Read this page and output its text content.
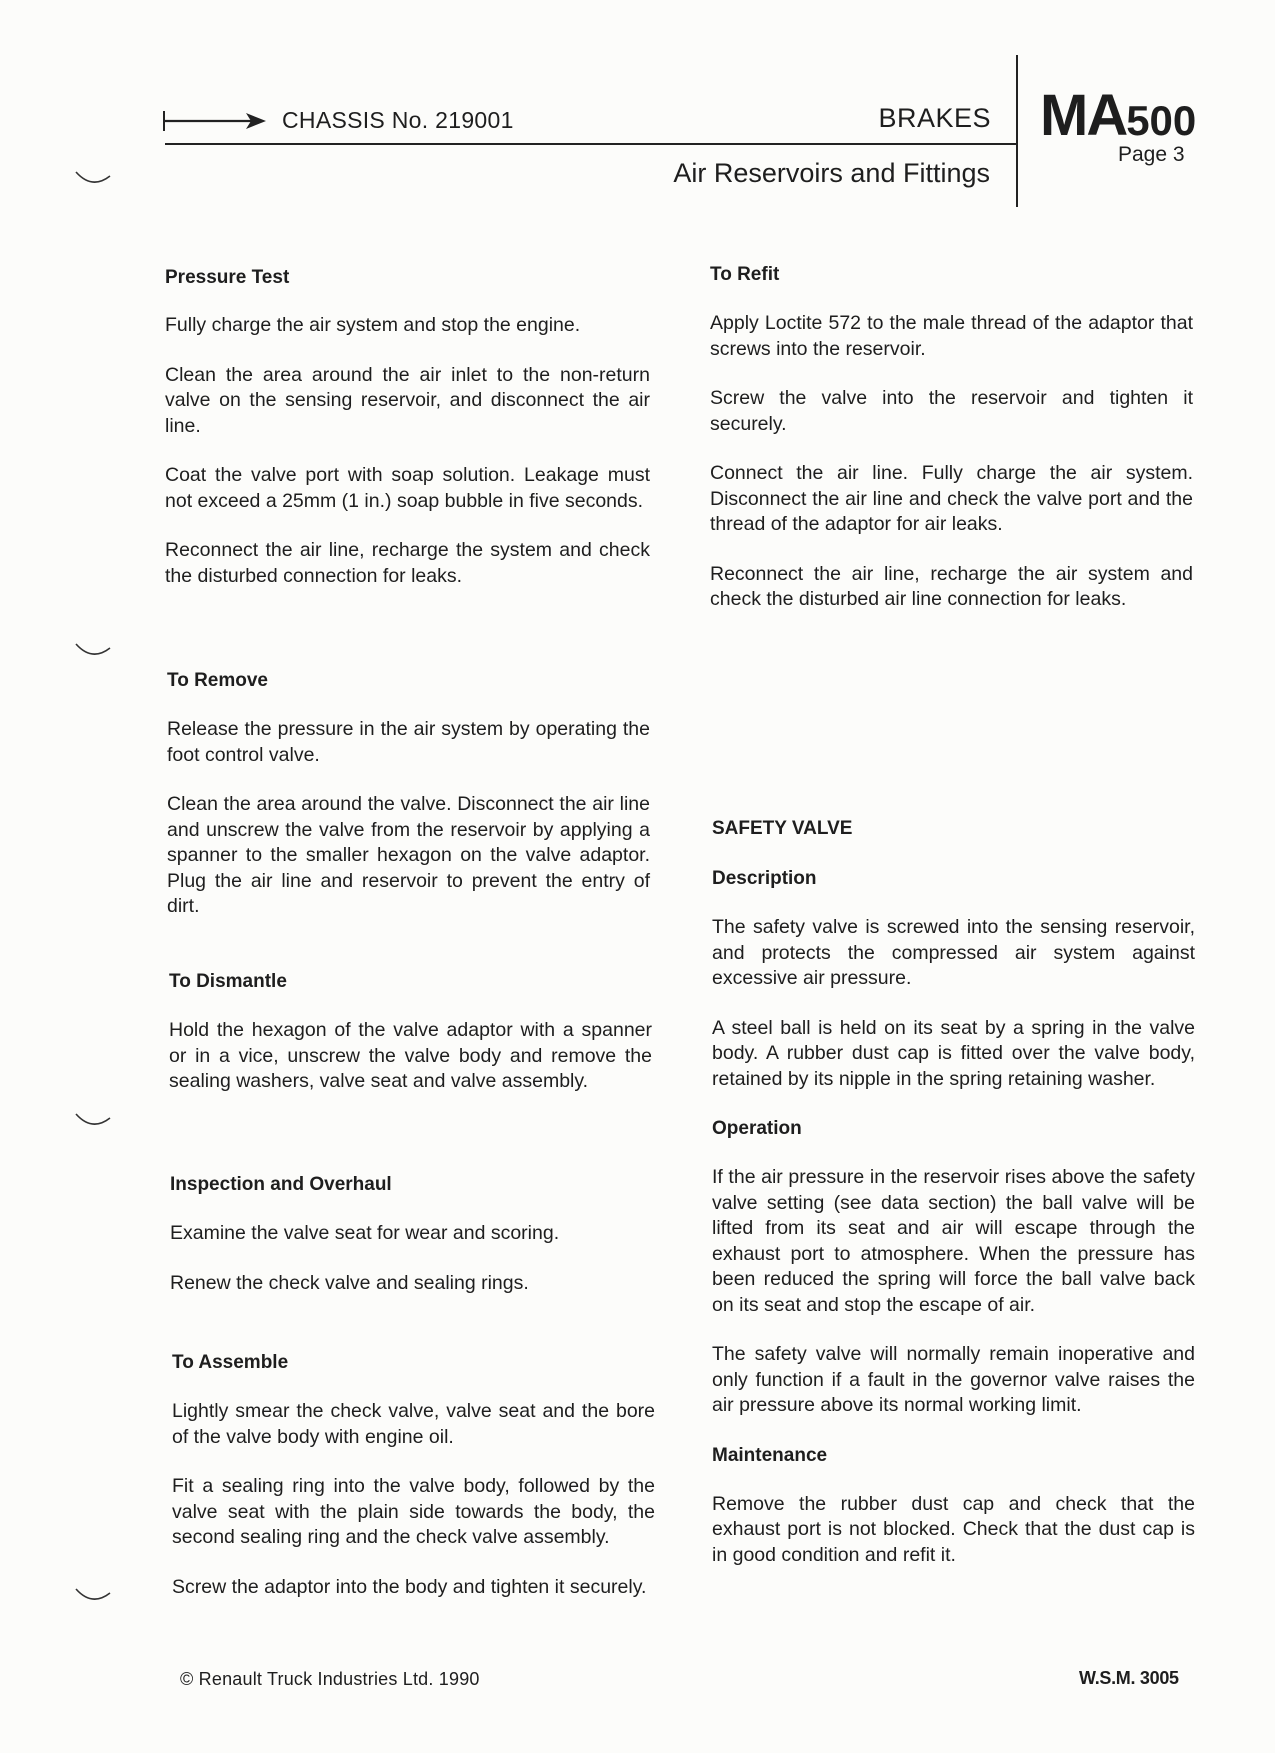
CHASSIS No. 219001	BRAKES
Air Reservoirs and Fittings
MA500
Page 3
Pressure Test

Fully charge the air system and stop the engine.

Clean the area around the air inlet to the non-return valve on the sensing reservoir, and disconnect the air line.

Coat the valve port with soap solution. Leakage must not exceed a 25mm (1 in.) soap bubble in five seconds.

Reconnect the air line, recharge the system and check the disturbed connection for leaks.

To Remove

Release the pressure in the air system by operating the foot control valve.

Clean the area around the valve. Disconnect the air line and unscrew the valve from the reservoir by applying a spanner to the smaller hexagon on the valve adaptor. Plug the air line and reservoir to prevent the entry of dirt.

To Dismantle

Hold the hexagon of the valve adaptor with a spanner or in a vice, unscrew the valve body and remove the sealing washers, valve seat and valve assembly.

Inspection and Overhaul

Examine the valve seat for wear and scoring.

Renew the check valve and sealing rings.

To Assemble

Lightly smear the check valve, valve seat and the bore of the valve body with engine oil.

Fit a sealing ring into the valve body, followed by the valve seat with the plain side towards the body, the second sealing ring and the check valve assembly.

Screw the adaptor into the body and tighten it securely.

To Refit

Apply Loctite 572 to the male thread of the adaptor that screws into the reservoir.

Screw the valve into the reservoir and tighten it securely.

Connect the air line. Fully charge the air system. Disconnect the air line and check the valve port and the thread of the adaptor for air leaks.

Reconnect the air line, recharge the air system and check the disturbed air line connection for leaks.

SAFETY VALVE
Description

The safety valve is screwed into the sensing reservoir, and protects the compressed air system against excessive air pressure.

A steel ball is held on its seat by a spring in the valve body. A rubber dust cap is fitted over the valve body, retained by its nipple in the spring retaining washer.

Operation

If the air pressure in the reservoir rises above the safety valve setting (see data section) the ball valve will be lifted from its seat and air will escape through the exhaust port to atmosphere. When the pressure has been reduced the spring will force the ball valve back on its seat and stop the escape of air.

The safety valve will normally remain inoperative and only function if a fault in the governor valve raises the air pressure above its normal working limit.

Maintenance

Remove the rubber dust cap and check that the exhaust port is not blocked. Check that the dust cap is in good condition and refit it.

© Renault Truck Industries Ltd. 1990	W.S.M. 3005
